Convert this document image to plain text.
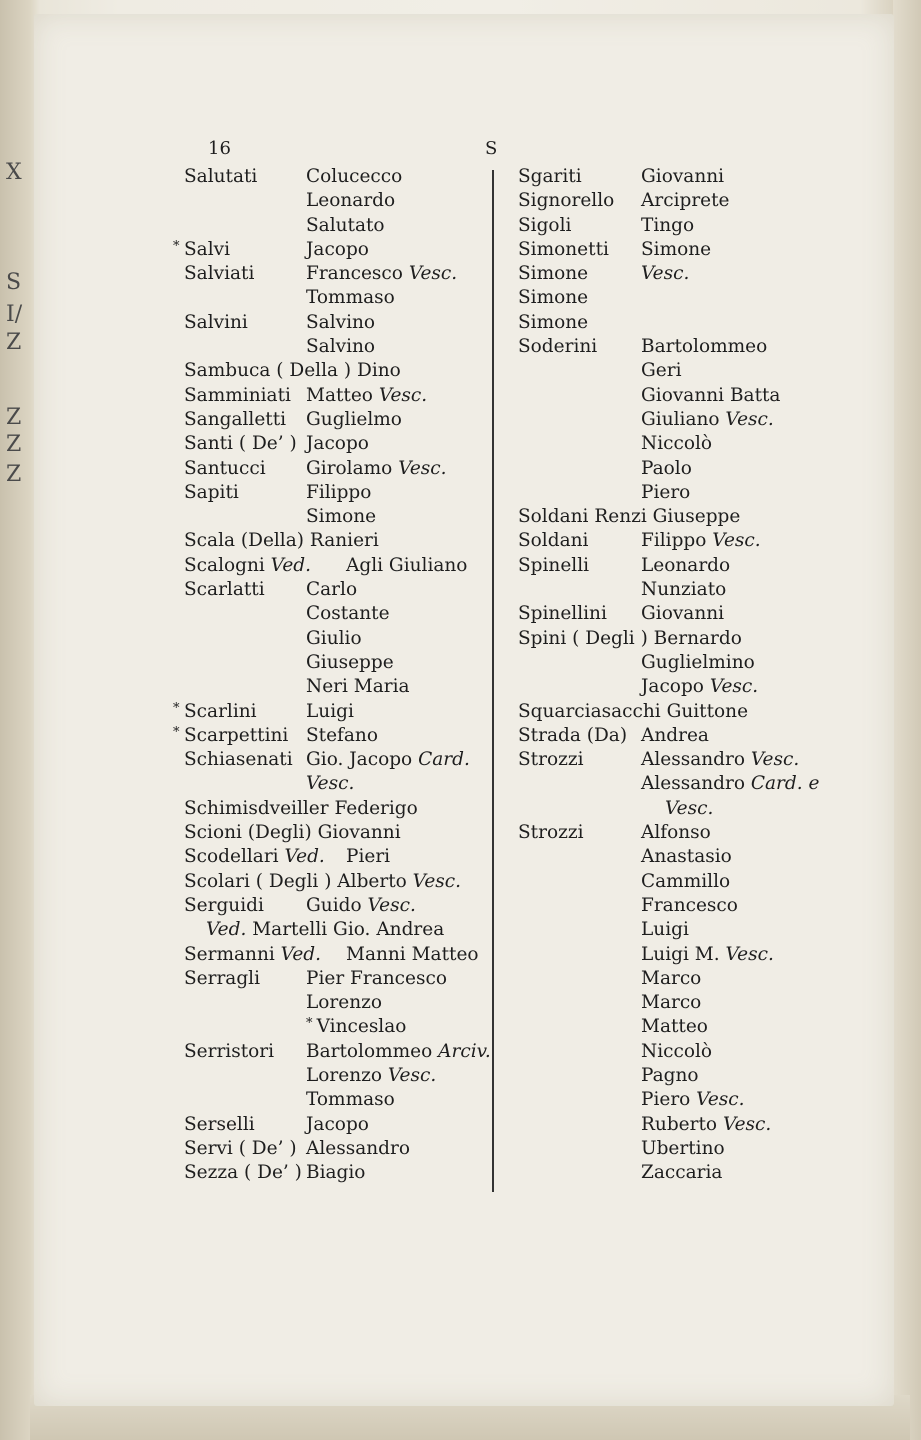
X
S
I/
Z
Z
Z
Z
16	S
Salutati	Colucecco
Leonardo
Salutato
* Salvi	Jacopo
Salviati	Francesco Vesc.
Tommaso
Salvini	Salvino
Salvino
Sambuca ( Della ) Dino
Samminiati Matteo Vesc.
Sangalletti Guglielmo
Santi ( De’ ) Jacopo
Santucci Girolamo Vesc.
Sapiti	Filippo
Simone
Scala (Della) Ranieri
Scalogni Ved. Agli Giuliano
Scarlatti Carlo
Costante
Giulio
Giuseppe
Neri Maria
* Scarlini	Luigi
* Scarpettini Stefano
Schiasenati Gio. Jacopo Card.
Vesc.
Schimisdveiller Federigo
Scioni (Degli) Giovanni
Scodellari Ved. Pieri
Scolari ( Degli ) Alberto Vesc.
Serguidi Guido Vesc.
Ved. Martelli Gio. Andrea
Sermanni Ved. Manni Matteo
Serragli Pier Francesco
Lorenzo
* Vinceslao
Serristori Bartolommeo Arciv.
Lorenzo Vesc.
Tommaso
Serselli	Jacopo
Servi ( De’ ) Alessandro
Sezza ( De’ ) Biagio
Sgariti	Giovanni
Signorello Arciprete
Sigoli	Tingo
Simonetti Simone
Simone	Vesc.
Simone
Simone
Soderini Bartolommeo
Geri
Giovanni Batta
Giuliano Vesc.
Niccolò
Paolo
Piero
Soldani Renzi Giuseppe
Soldani	Filippo Vesc.
Spinelli	Leonardo
Nunziato
Spinellini Giovanni
Spini ( Degli ) Bernardo
Guglielmino
Jacopo Vesc.
Squarciasacchi Guittone
Strada (Da) Andrea
Strozzi	Alessandro Vesc.
Alessandro Card. e
Vesc.
Strozzi	Alfonso
Anastasio
Cammillo
Francesco
Luigi
Luigi M. Vesc.
Marco
Marco
Matteo
Niccolò
Pagno
Piero Vesc.
Ruberto Vesc.
Ubertino
Zaccaria
